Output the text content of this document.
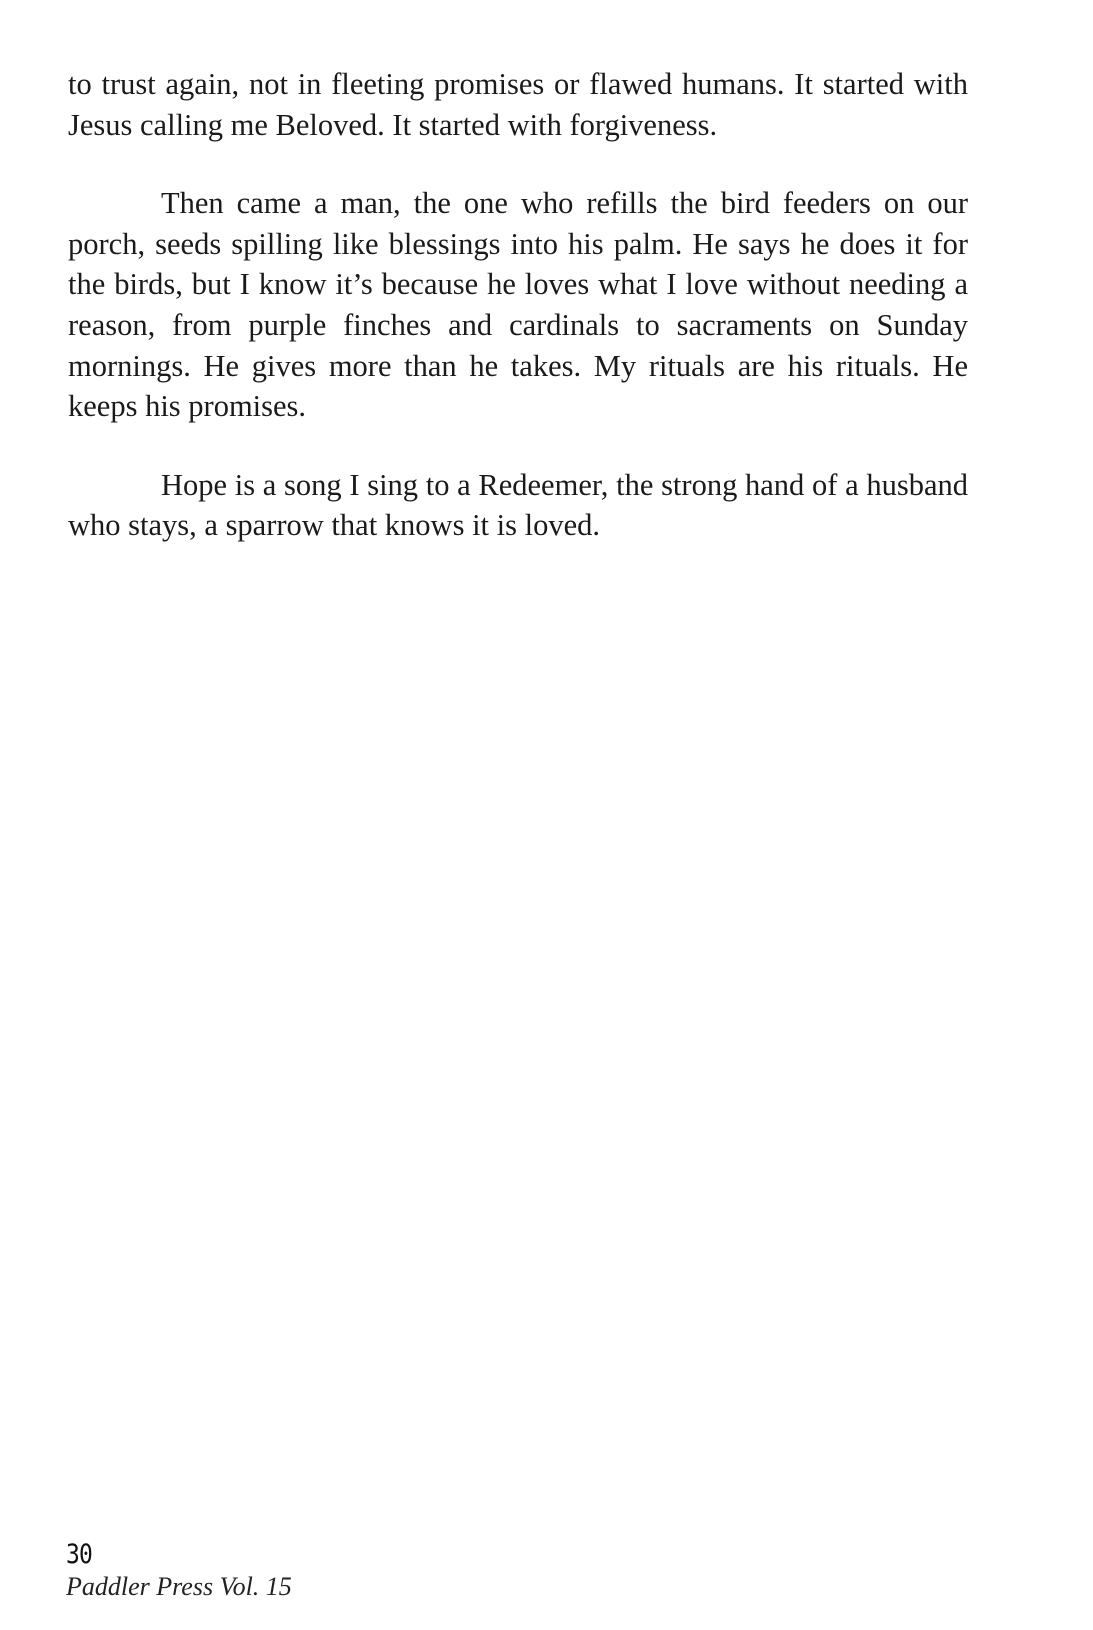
to trust again, not in fleeting promises or flawed humans. It started with Jesus calling me Beloved. It started with forgiveness.

Then came a man, the one who refills the bird feeders on our porch, seeds spilling like blessings into his palm. He says he does it for the birds, but I know it’s because he loves what I love without needing a reason, from purple finches and cardinals to sacraments on Sunday mornings. He gives more than he takes. My rituals are his rituals. He keeps his promises.

Hope is a song I sing to a Redeemer, the strong hand of a husband who stays, a sparrow that knows it is loved.

30
Paddler Press Vol. 15
